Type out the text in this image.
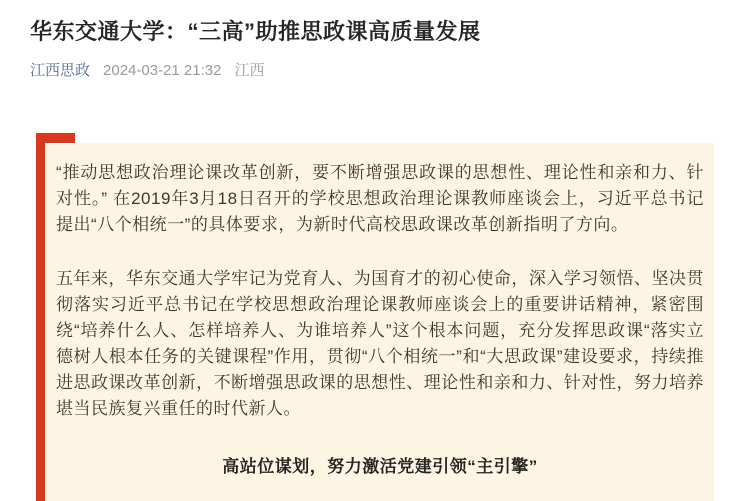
华东交通大学：“三高”助推思政课高质量发展
江西思政 2024-03-21 21:32 江西

“推动思想政治理论课改革创新，要不断增强思政课的思想性、理论性和亲和力、针对性。” 在2019年3月18日召开的学校思想政治理论课教师座谈会上，习近平总书记提出“八个相统一”的具体要求，为新时代高校思政课改革创新指明了方向。

五年来，华东交通大学牢记为党育人、为国育才的初心使命，深入学习领悟、坚决贯彻落实习近平总书记在学校思想政治理论课教师座谈会上的重要讲话精神，紧密围绕“培养什么人、怎样培养人、为谁培养人”这个根本问题，充分发挥思政课“落实立德树人根本任务的关键课程”作用，贯彻“八个相统一”和“大思政课”建设要求，持续推进思政课改革创新，不断增强思政课的思想性、理论性和亲和力、针对性，努力培养堪当民族复兴重任的时代新人。

高站位谋划，努力激活党建引领“主引擎”
